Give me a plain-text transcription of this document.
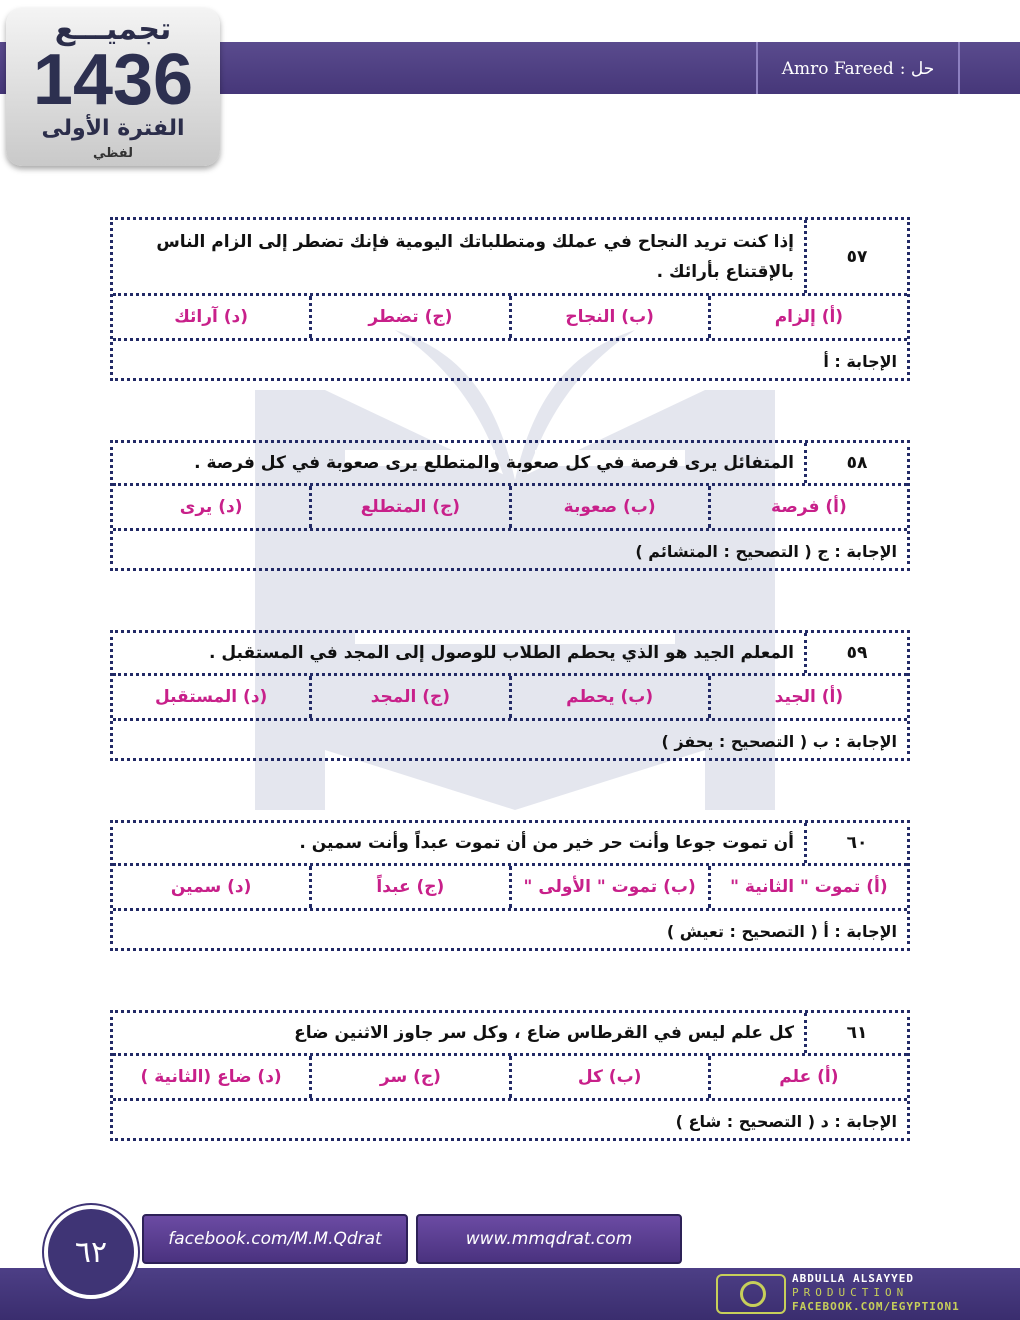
Amro Fareed حل :
تجميـــع
1436
الفترة الأولى
لفظي
٥٧
إذا كنت تريد النجاح في عملك ومتطلباتك اليومية فإنك تضطر إلى الزام الناس بالإقتناع بأرائك .
(أ) إلزام
(ب) النجاح
(ج) تضطر
(د) آرائك
الإجابة : أ
٥٨
المتفائل يرى فرصة في كل صعوبة والمتطلع يرى صعوبة في كل فرصة .
(أ) فرصة
(ب) صعوبة
(ج) المتطلع
(د) يرى
الإجابة : ج ( التصحيح : المتشائم )
٥٩
المعلم الجيد هو الذي يحطم الطلاب للوصول إلى المجد في المستقبل .
(أ) الجيد
(ب) يحطم
(ج) المجد
(د) المستقبل
الإجابة : ب ( التصحيح : يحفز )
٦٠
أن تموت جوعا وأنت حر خير من أن تموت عبداً وأنت سمين .
(أ) تموت " الثانية "
(ب) تموت " الأولى "
(ج) عبداً
(د) سمين
الإجابة : أ ( التصحيح : تعيش )
٦١
كل علم ليس في القرطاس ضاع ، وكل سر جاوز الاثنين ضاع
(أ) علم
(ب) كل
(ج) سر
(د) ضاع (الثانية )
الإجابة : د ( التصحيح : شاع )
٦٢	facebook.com/M.M.Qdrat	www.mmqdrat.com
ABDULLA ALSAYYED
PRODUCTION
FACEBOOK.COM/EGYPTION1
